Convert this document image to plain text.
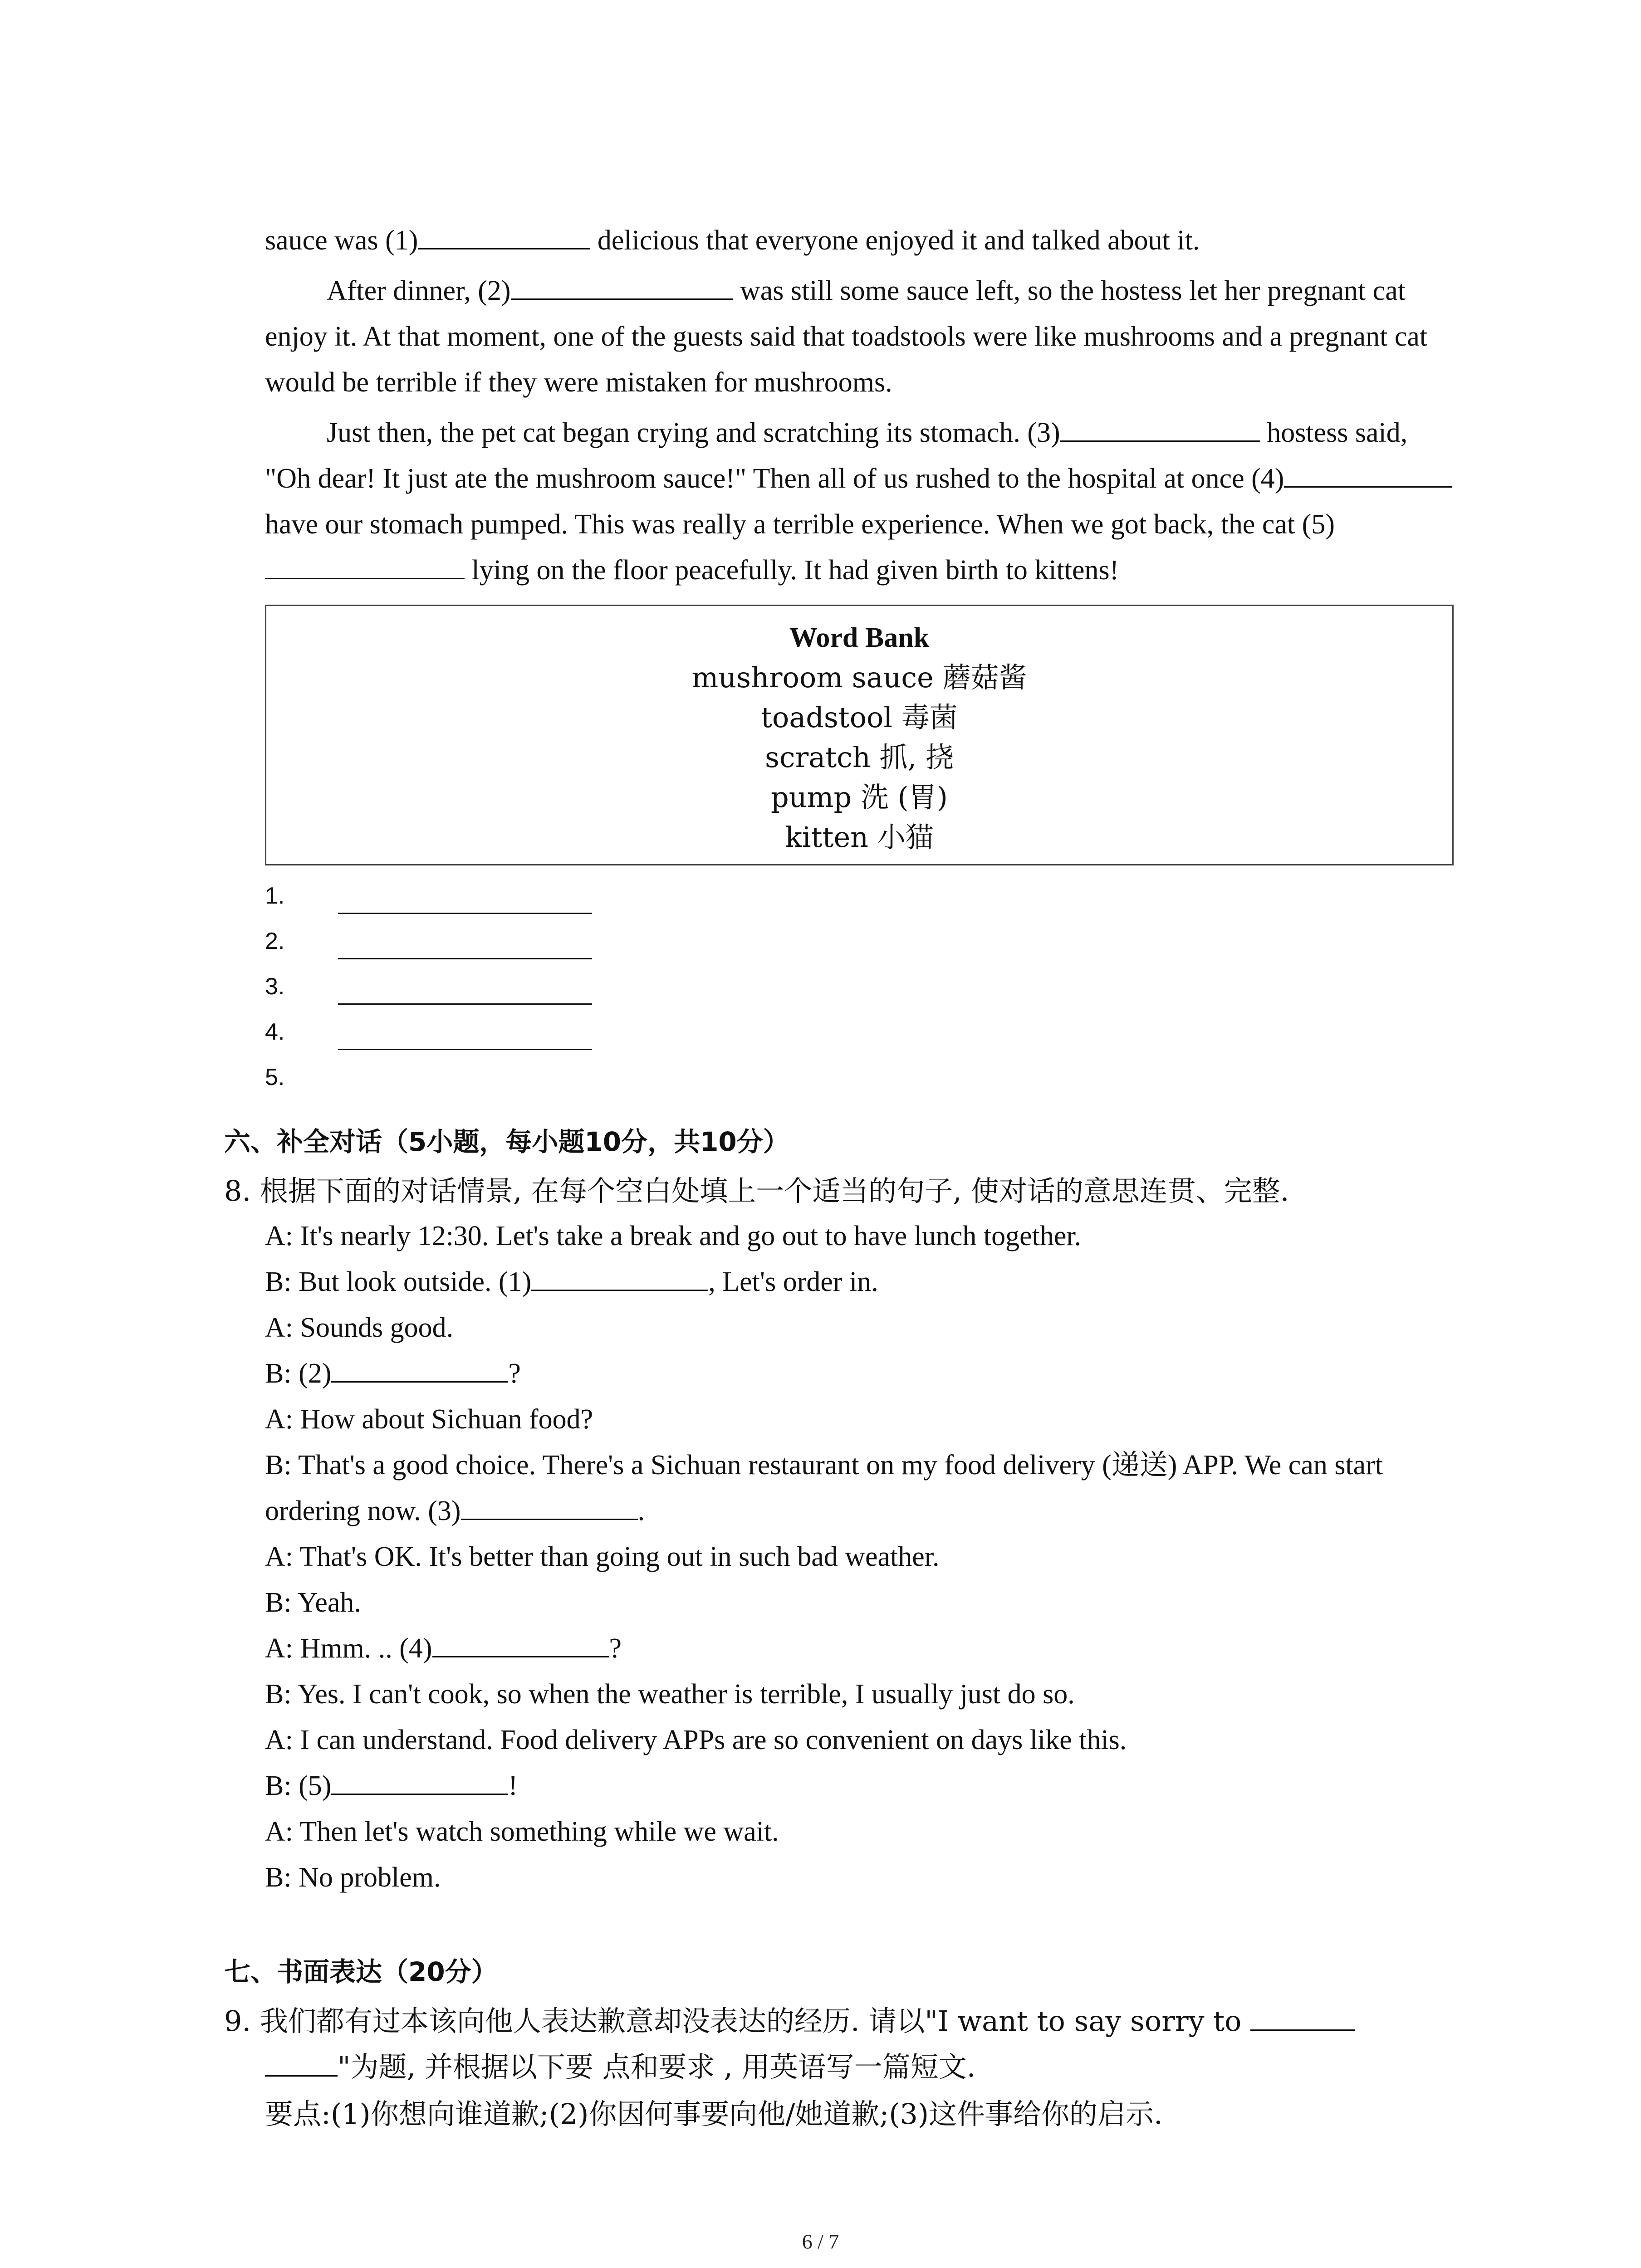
sauce was (1)	delicious that everyone enjoyed it and talked about it.

After dinner, (2)	was still some sauce left, so the hostess let her pregnant cat enjoy it. At that moment, one of the guests said that toadstools were like mushrooms and a pregnant cat would be terrible if they were mistaken for mushrooms.

Just then, the pet cat began crying and scratching its stomach. (3)	hostess said, "Oh dear! It just ate the mushroom sauce!" Then all of us rushed to the hospital at once (4) have our stomach pumped. This was really a terrible experience. When we got back, the cat (5) lying on the floor peacefully. It had given birth to kittens!

Word Bank
mushroom sauce 蘑菇酱
toadstool 毒菌
scratch 抓, 挠
pump 洗 (胃)
kitten 小猫
1.
2.
3.
4.
5.
六、补全对话（5小题，每小题10分，共10分）
8. 根据下面的对话情景, 在每个空白处填上一个适当的句子, 使对话的意思连贯、完整.

A: It's nearly 12:30. Let's take a break and go out to have lunch together.

B: But look outside. (1)	, Let's order in.

A: Sounds good.

B: (2)	?

A: How about Sichuan food?

B: That's a good choice. There's a Sichuan restaurant on my food delivery (递送) APP. We can start ordering now. (3)	.

A: That's OK. It's better than going out in such bad weather.

B: Yeah.

A: Hmm. .. (4)	?

B: Yes. I can't cook, so when the weather is terrible, I usually just do so.

A: I can understand. Food delivery APPs are so convenient on days like this.

B: (5)	!

A: Then let's watch something while we wait.

B: No problem.

七、书面表达（20分）
9. 我们都有过本该向他人表达歉意却没表达的经历. 请以"I want to say sorry to
"为题, 并根据以下要 点和要求 , 用英语写一篇短文.
要点:(1)你想向谁道歉;(2)你因何事要向他/她道歉;(3)这件事给你的启示.
6 / 7
